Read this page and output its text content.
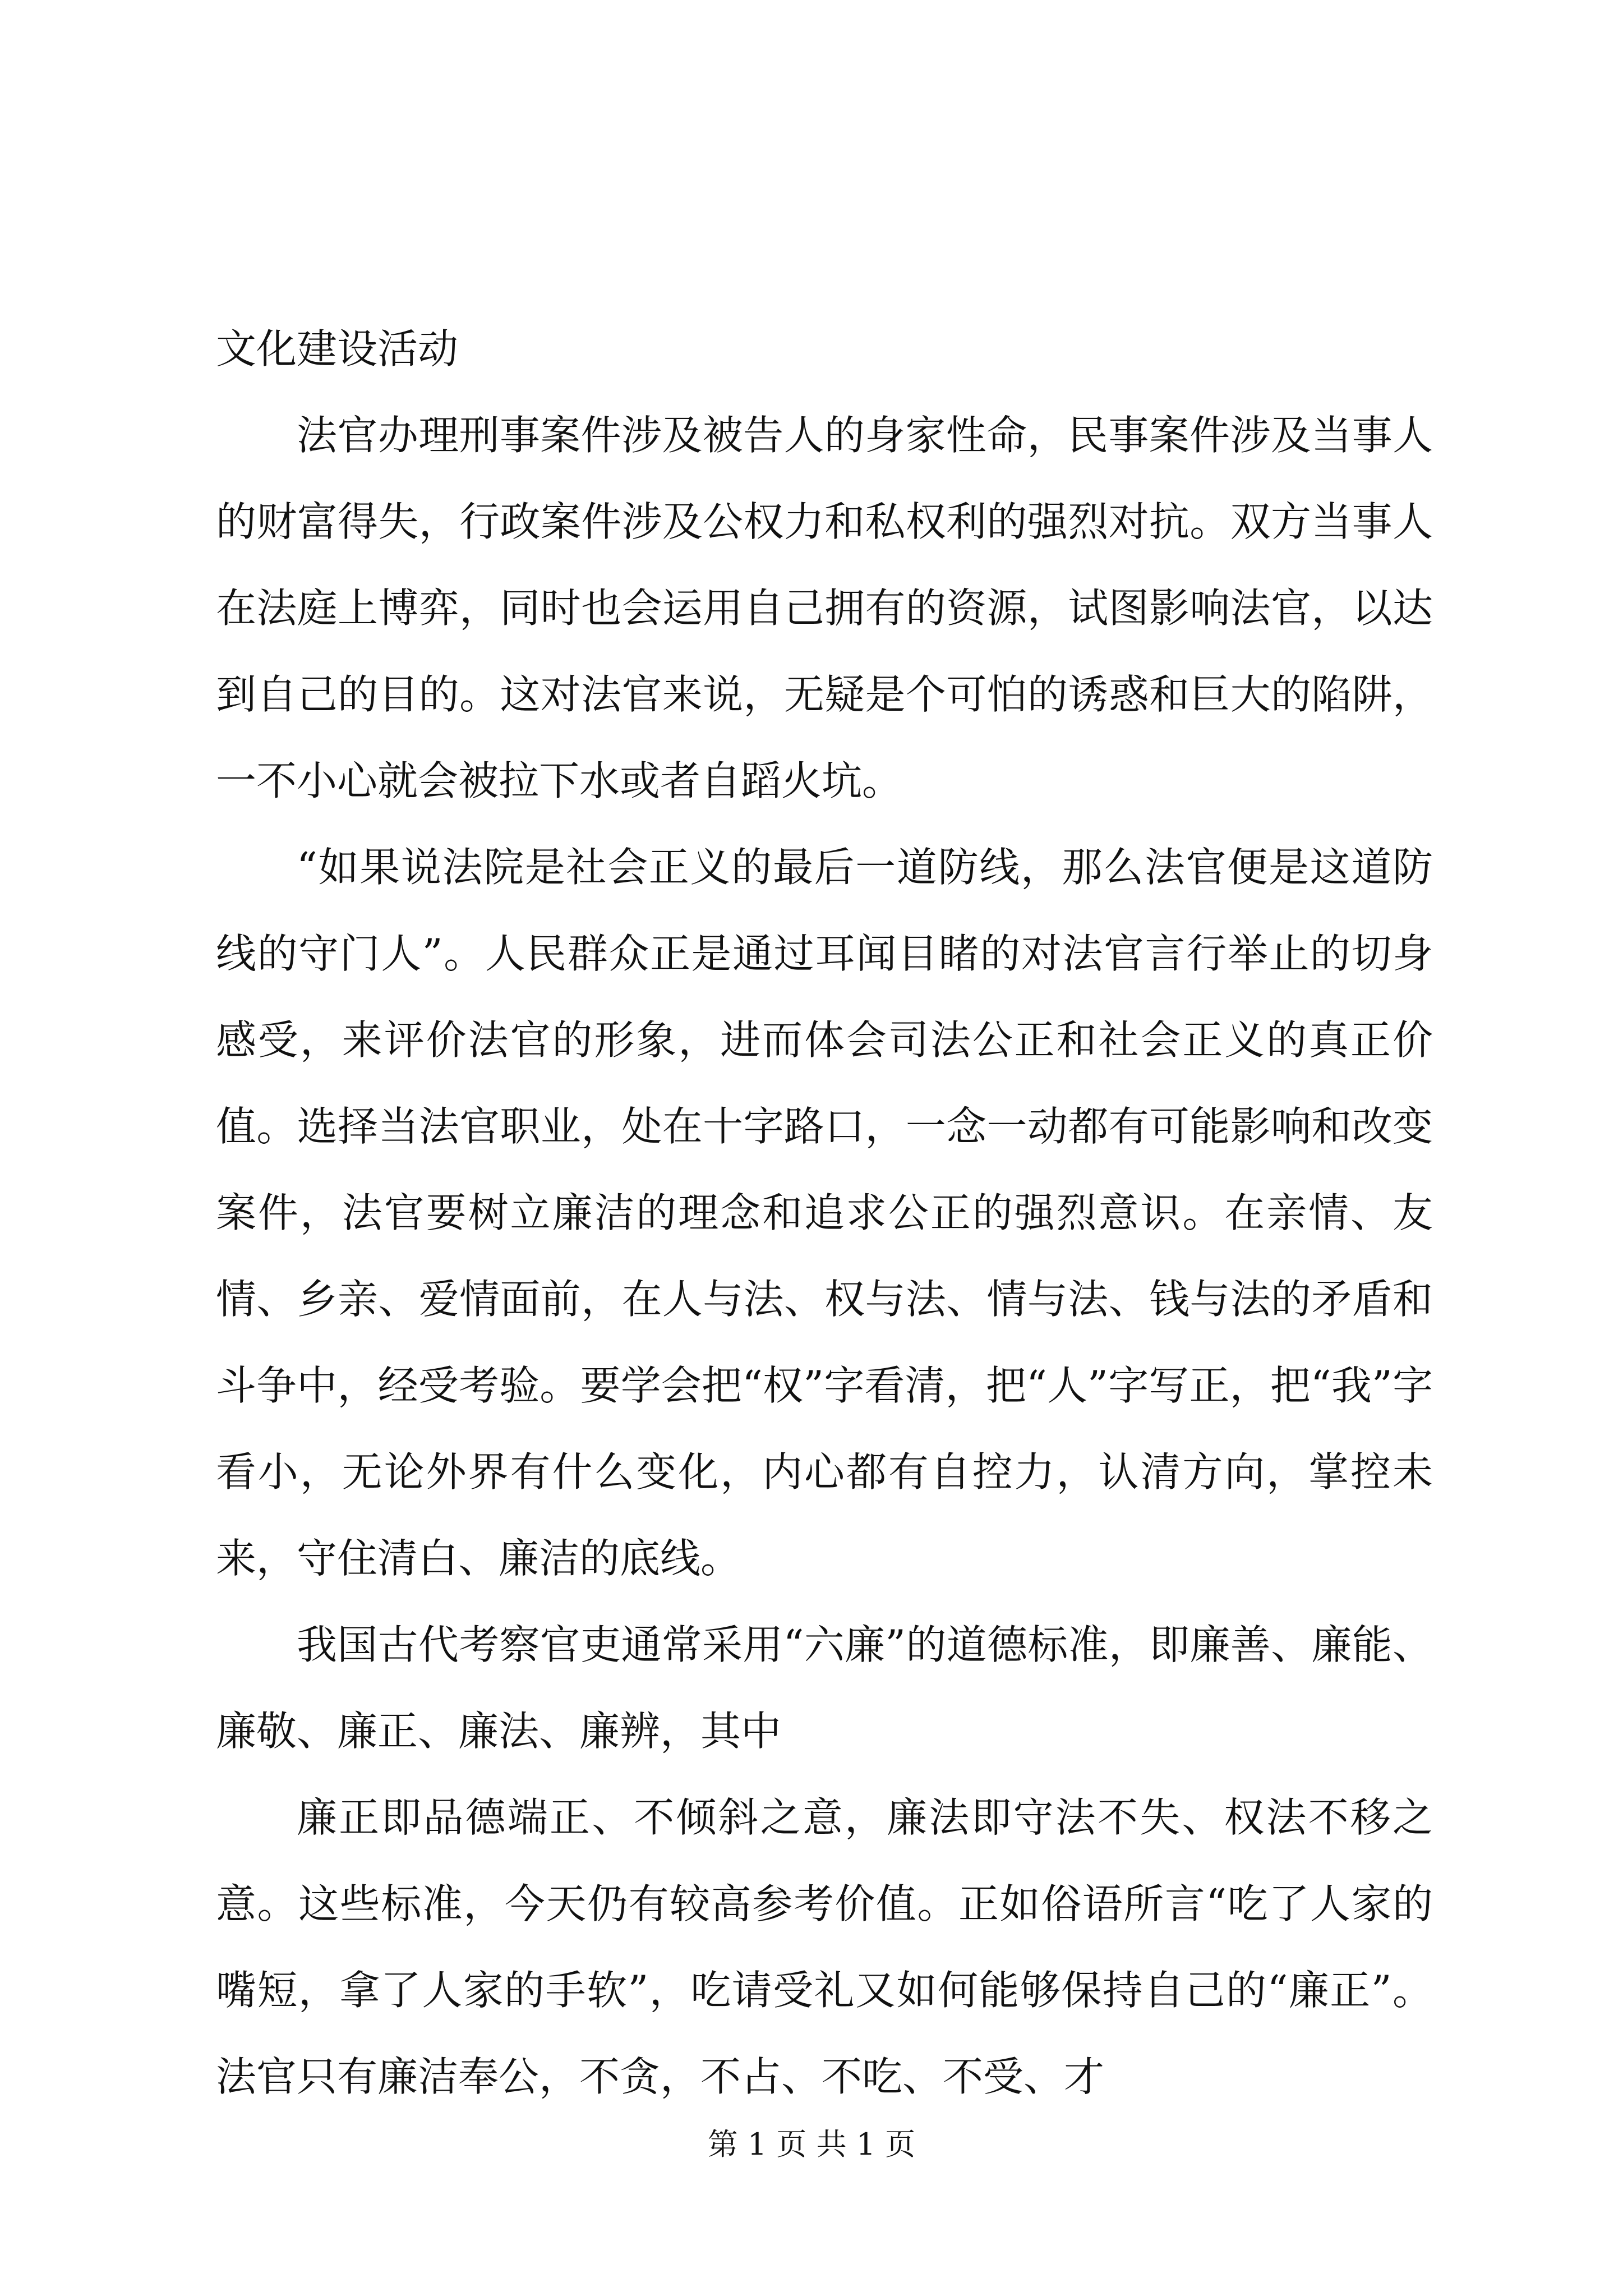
文化建设活动

法官办理刑事案件涉及被告人的身家性命，民事案件涉及当事人的财富得失，行政案件涉及公权力和私权利的强烈对抗。双方当事人在法庭上博弈，同时也会运用自己拥有的资源，试图影响法官，以达到自己的目的。这对法官来说，无疑是个可怕的诱惑和巨大的陷阱，一不小心就会被拉下水或者自蹈火坑。

“如果说法院是社会正义的最后一道防线，那么法官便是这道防线的守门人”。人民群众正是通过耳闻目睹的对法官言行举止的切身感受，来评价法官的形象，进而体会司法公正和社会正义的真正价值。选择当法官职业，处在十字路口，一念一动都有可能影响和改变案件，法官要树立廉洁的理念和追求公正的强烈意识。在亲情、友情、乡亲、爱情面前，在人与法、权与法、情与法、钱与法的矛盾和斗争中，经受考验。要学会把“权”字看清，把“人”字写正，把“我”字看小，无论外界有什么变化，内心都有自控力，认清方向，掌控未来，守住清白、廉洁的底线。

我国古代考察官吏通常采用“六廉”的道德标准，即廉善、廉能、廉敬、廉正、廉法、廉辨，其中

廉正即品德端正、不倾斜之意，廉法即守法不失、权法不移之意。这些标准，今天仍有较高参考价值。正如俗语所言“吃了人家的嘴短，拿了人家的手软”，吃请受礼又如何能够保持自己的“廉正”。法官只有廉洁奉公，不贪，不占、不吃、不受、才

第 1 页 共 1 页
